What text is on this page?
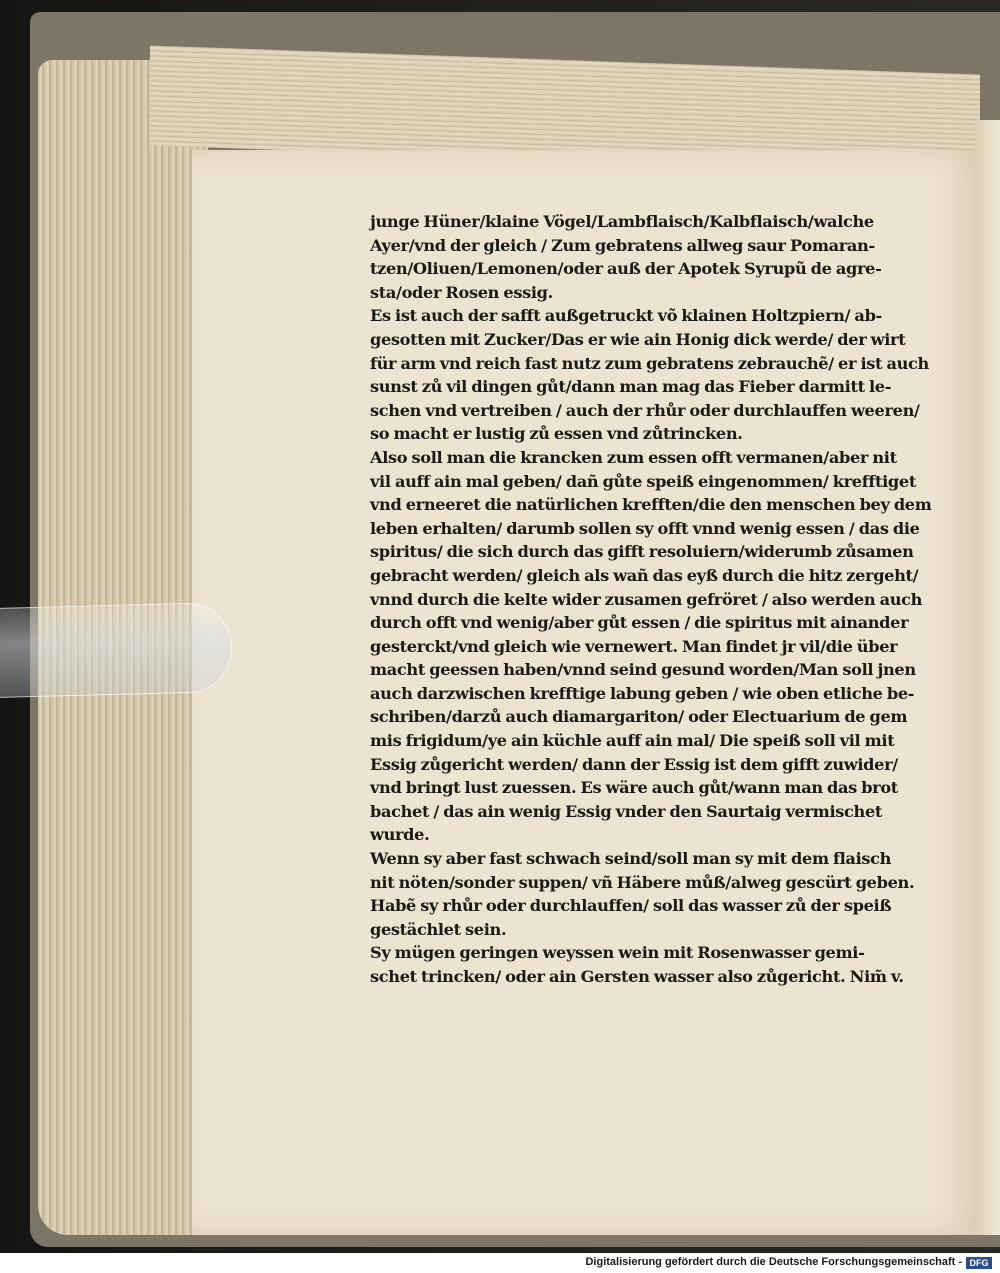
junge Hüner/klaine Vögel/Lambflaisch/Kalbflaisch/walche
Ayer/vnd der gleich / Zum gebratens allweg saur Pomaran-
tzen/Oliuen/Lemonen/oder auß der Apotek Syrupũ de agre-
sta/oder Rosen essig.
Es ist auch der safft außgetruckt võ klainen Holtzpiern/ ab-
gesotten mit Zucker/Das er wie ain Honig dick werde/ der wirt
für arm vnd reich fast nutz zum gebratens zebrauchẽ/ er ist auch
sunst zů vil dingen gůt/dann man mag das Fieber darmitt le-
schen vnd vertreiben / auch der rhůr oder durchlauffen weeren/
so macht er lustig zů essen vnd zůtrincken.
Also soll man die krancken zum essen offt vermanen/aber nit
vil auff ain mal geben/ dañ gůte speiß eingenommen/ krefftiget
vnd erneeret die natürlichen krefften/die den menschen bey dem
leben erhalten/ darumb sollen sy offt vnnd wenig essen / das die
spiritus/ die sich durch das gifft resoluiern/widerumb zůsamen
gebracht werden/ gleich als wañ das eyß durch die hitz zergeht/
vnnd durch die kelte wider zusamen gefröret / also werden auch
durch offt vnd wenig/aber gůt essen / die spiritus mit ainander
gesterckt/vnd gleich wie vernewert. Man findet jr vil/die über
macht geessen haben/vnnd seind gesund worden/Man soll jnen
auch darzwischen krefftige labung geben / wie oben etliche be-
schriben/darzů auch diamargariton/ oder Electuarium de gem
mis frigidum/ye ain küchle auff ain mal/ Die speiß soll vil mit
Essig zůgericht werden/ dann der Essig ist dem gifft zuwider/
vnd bringt lust zuessen. Es wäre auch gůt/wann man das brot
bachet / das ain wenig Essig vnder den Saurtaig vermischet
wurde.
Wenn sy aber fast schwach seind/soll man sy mit dem flaisch
nit nöten/sonder suppen/ vñ Häbere můß/alweg gescürt geben.
Habẽ sy rhůr oder durchlauffen/ soll das wasser zů der speiß
gestächlet sein.
Sy mügen geringen weyssen wein mit Rosenwasser gemi-
schet trincken/ oder ain Gersten wasser also zůgericht. Nim̃ v.
Digitalisierung gefördert durch die Deutsche Forschungsgemeinschaft - DFG
